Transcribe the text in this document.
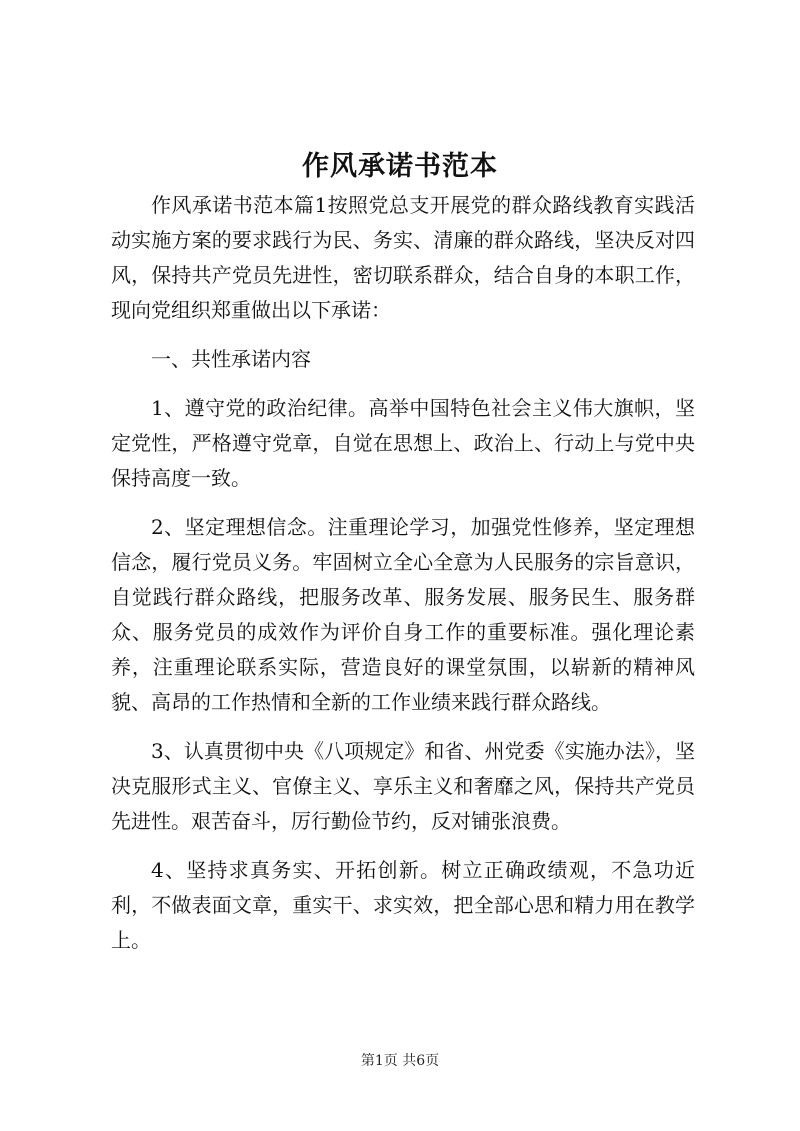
作风承诺书范本

作风承诺书范本篇1按照党总支开展党的群众路线教育实践活动实施方案的要求践行为民、务实、清廉的群众路线，坚决反对四风，保持共产党员先进性，密切联系群众，结合自身的本职工作，现向党组织郑重做出以下承诺：

一、共性承诺内容

1、遵守党的政治纪律。高举中国特色社会主义伟大旗帜，坚定党性，严格遵守党章，自觉在思想上、政治上、行动上与党中央保持高度一致。

2、坚定理想信念。注重理论学习，加强党性修养，坚定理想信念，履行党员义务。牢固树立全心全意为人民服务的宗旨意识，自觉践行群众路线，把服务改革、服务发展、服务民生、服务群众、服务党员的成效作为评价自身工作的重要标准。强化理论素养，注重理论联系实际，营造良好的课堂氛围，以崭新的精神风貌、高昂的工作热情和全新的工作业绩来践行群众路线。

3、认真贯彻中央《八项规定》和省、州党委《实施办法》，坚决克服形式主义、官僚主义、享乐主义和奢靡之风，保持共产党员先进性。艰苦奋斗，厉行勤俭节约，反对铺张浪费。

4、坚持求真务实、开拓创新。树立正确政绩观，不急功近利，不做表面文章，重实干、求实效，把全部心思和精力用在教学上。

第1页 共6页
